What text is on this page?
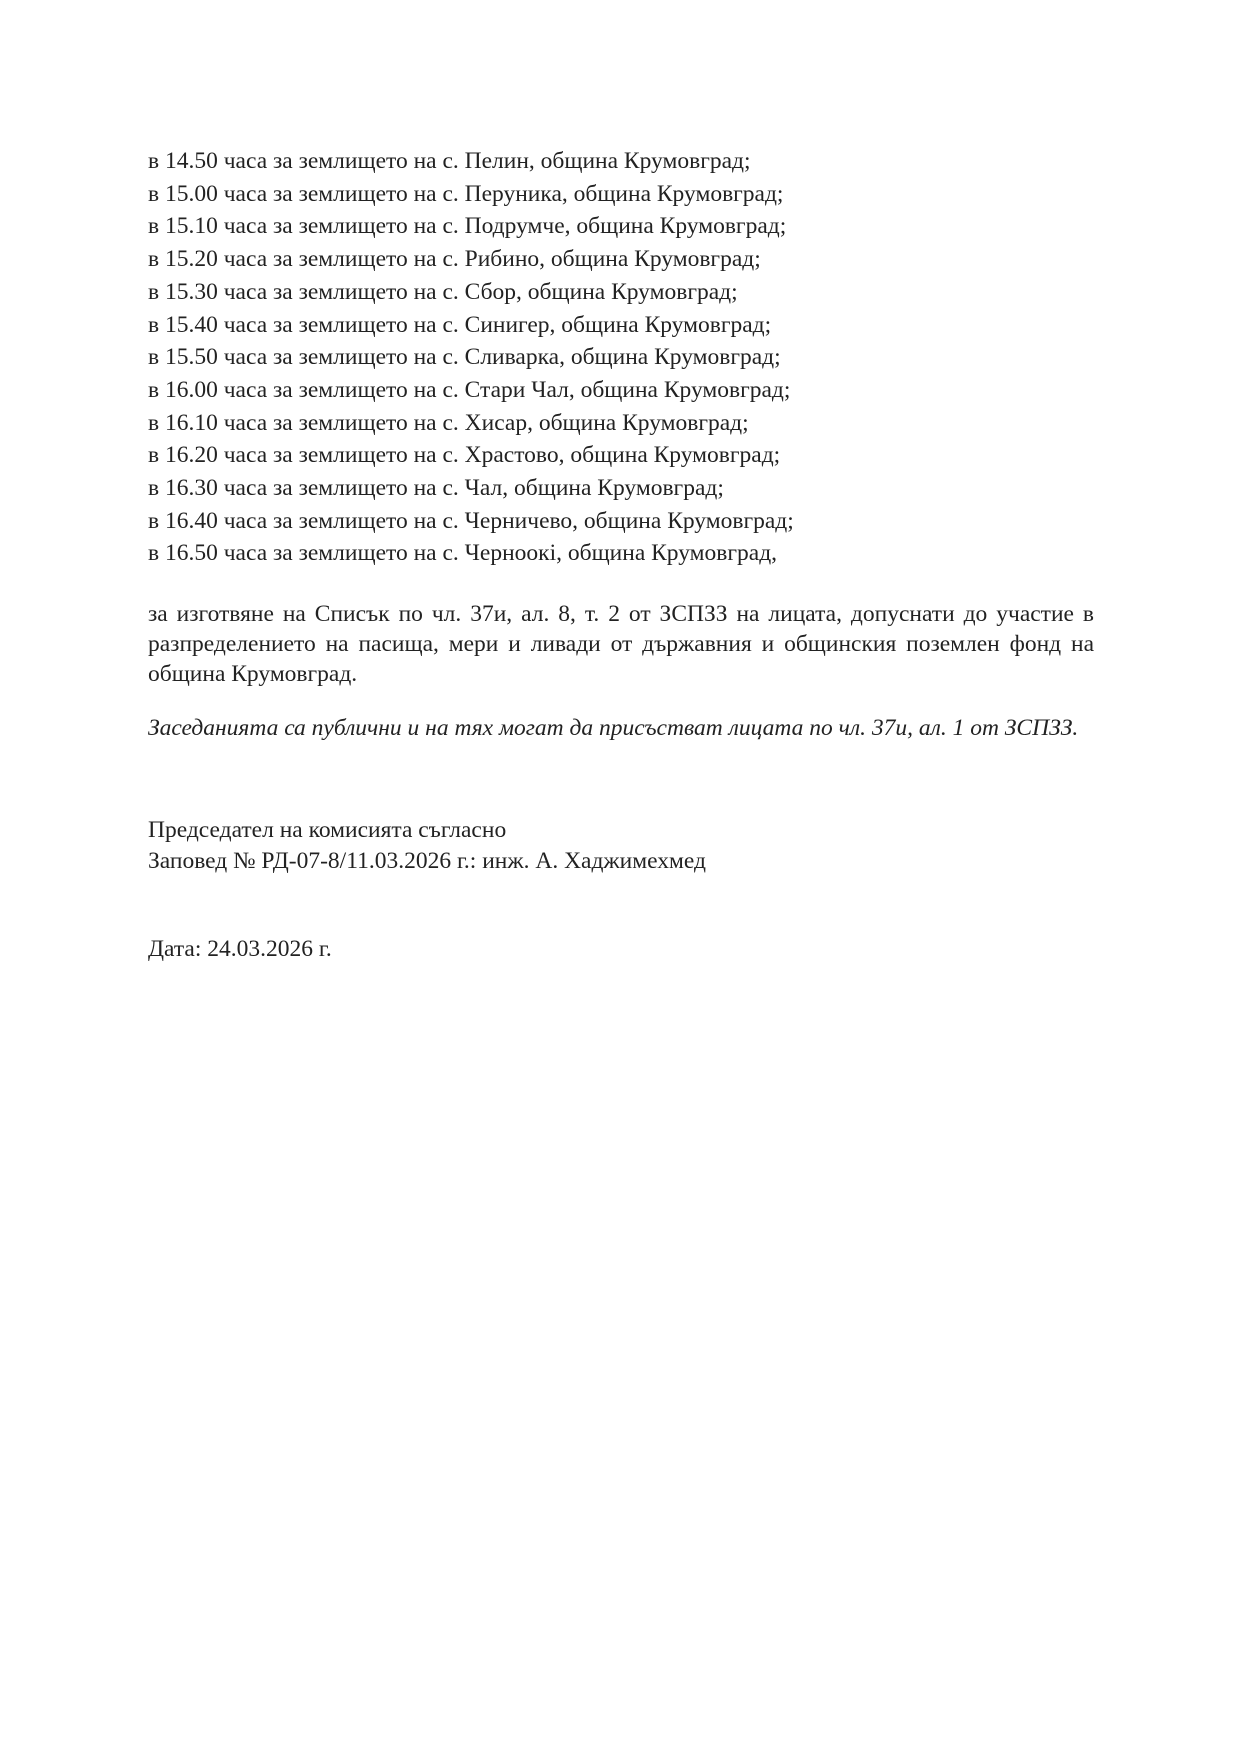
в 14.50 часа за землището на с. Пелин, община Крумовград;
в 15.00 часа за землището на с. Перуника, община Крумовград;
в 15.10 часа за землището на с. Подрумче, община Крумовград;
в 15.20 часа за землището на с. Рибино, община Крумовград;
в 15.30 часа за землището на с. Сбор, община Крумовград;
в 15.40 часа за землището на с. Синигер, община Крумовград;
в 15.50 часа за землището на с. Сливарка, община Крумовград;
в 16.00 часа за землището на с. Стари Чал, община Крумовград;
в 16.10 часа за землището на с. Хисар, община Крумовград;
в 16.20 часа за землището на с. Храстово, община Крумовград;
в 16.30 часа за землището на с. Чал, община Крумовград;
в 16.40 часа за землището на с. Черничево, община Крумовград;
в 16.50 часа за землището на с. Черноокi, община Крумовград,

за изготвяне на Списък по чл. 37и, ал. 8, т. 2 от ЗСПЗЗ на лицата, допуснати до участие в разпределението на пасища, мери и ливади от държавния и общинския поземлен фонд на община Крумовград.

Заседанията са публични и на тях могат да присъстват лицата по чл. 37и, ал. 1 от ЗСПЗЗ.

Председател на комисията съгласно
Заповед № РД-07-8/11.03.2026 г.: инж. А. Хаджимехмед
Дата: 24.03.2026 г.
